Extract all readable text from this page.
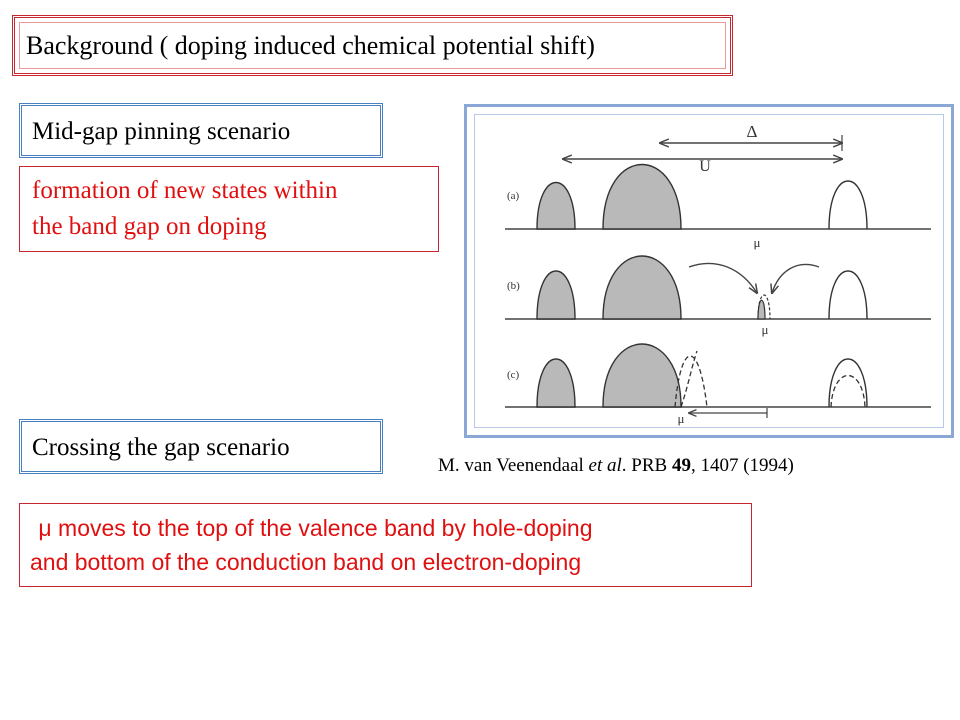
Background ( doping induced chemical potential shift)
Mid-gap pinning scenario
formation of new states within
the band gap on doping
Crossing the gap scenario
μ moves to the top of the valence band by hole-doping
and bottom of the conduction band on electron-doping
Δ
U
(a)
μ
(b)
μ
(c)
μ
M. van Veenendaal et al. PRB 49, 1407 (1994)
